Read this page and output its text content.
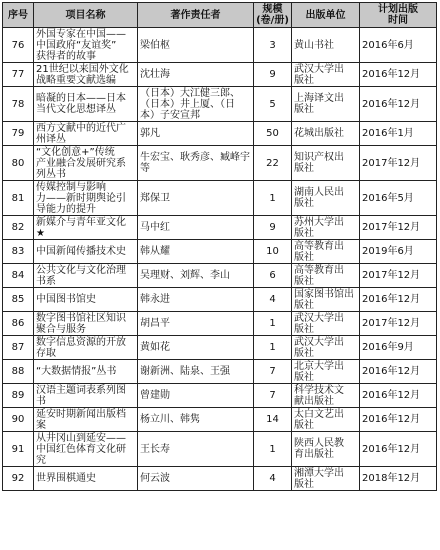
序号	项目名称	著作责任者	规模
(卷/册)	出版单位	计划出版
时间
76	外国专家在中国——
中国政府“友谊奖”
获得者的故事	梁伯枢	3	黄山书社	2016年6月
77	21世纪以来国外文化
战略重要文献选编	沈壮海	9	武汉大学出
版社	2016年12月
78	暗凝的日本——日本
当代文化思想译丛	（日本）大江健三郎、
（日本）井上厦、（日
本）子安宣邦	5	上海译文出
版社	2016年12月
79	西方文献中的近代广
州译丛	郭凡	50	花城出版社	2016年1月
80	“文化创意+”传统
产业融合发展研究系
列丛书	牛宏宝、耿秀彦、臧峰宇
等	22	知识产权出
版社	2017年12月
81	传媒控制与影响
力——新时期舆论引
导能力的提升	郑保卫	1	湖南人民出
版社	2016年5月
82	新媒介与青年亚文化
★	马中红	9	苏州大学出
版社	2017年12月
83	中国新闻传播技术史	韩从耀	10	高等教育出
版社	2019年6月
84	公共文化与文化治理
书系	吴理财、刘辉、李山	6	高等教育出
版社	2017年12月
85	中国图书馆史	韩永进	4	国家图书馆出
版社	2016年12月
86	数字图书馆社区知识
聚合与服务	胡昌平	1	武汉大学出
版社	2017年12月
87	数字信息资源的开放
存取	黄如花	1	武汉大学出
版社	2016年9月
88	“大数据情报”丛书	谢新洲、陆泉、王强	7	北京大学出
版社	2016年12月
89	汉语主题词表系列图
书	曾建勋	7	科学技术文
献出版社	2016年12月
90	延安时期新闻出版档
案	杨立川、韩隽	14	太白文艺出
版社	2016年12月
91	从井冈山到延安——
中国红色体育文化研
究	王长寿	1	陕西人民教
育出版社	2016年12月
92	世界围棋通史	何云波	4	湘潭大学出
版社	2018年12月
